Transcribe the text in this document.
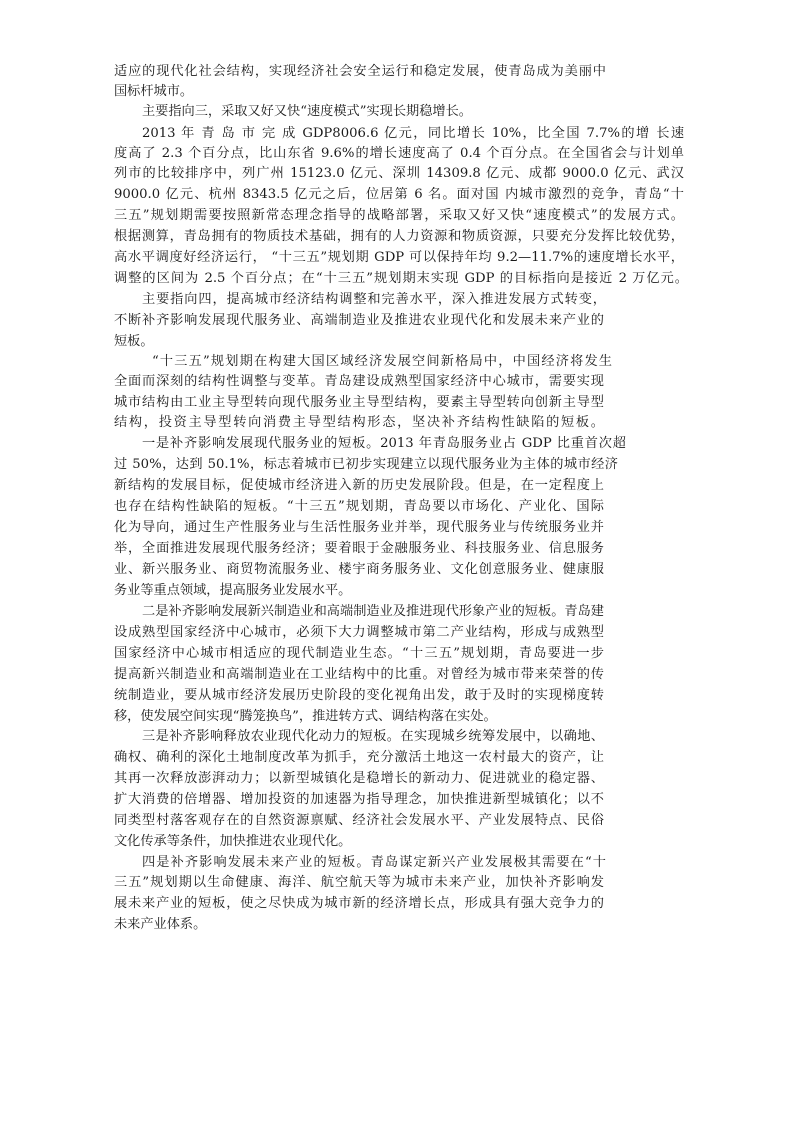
适应的现代化社会结构，实现经济社会安全运行和稳定发展，使青岛成为美丽中
国标杆城市。
主要指向三，采取又好又快“速度模式”实现长期稳增长。
2013 年 青 岛 市 完 成 GDP8006.6 亿元，同比增长 10%，比全国 7.7%的增 长速
度高了 2.3 个百分点，比山东省 9.6%的增长速度高了 0.4 个百分点。在全国省会与计划单
列市的比较排序中，列广州 15123.0 亿元、深圳 14309.8 亿元、成都 9000.0 亿元、武汉
9000.0 亿元、杭州 8343.5 亿元之后，位居第 6 名。面对国 内城市激烈的竞争，青岛“十
三五”规划期需要按照新常态理念指导的战略部署，采取又好又快“速度模式”的发展方式。
根据测算，青岛拥有的物质技术基础，拥有的人力资源和物质资源，只要充分发挥比较优势，
高水平调度好经济运行， “十三五”规划期 GDP 可以保持年均 9.2—11.7%的速度增长水平，
调整的区间为 2.5 个百分点；在“十三五”规划期末实现 GDP 的目标指向是接近 2 万亿元。
主要指向四，提高城市经济结构调整和完善水平，深入推进发展方式转变，
不断补齐影响发展现代服务业、高端制造业及推进农业现代化和发展未来产业的
短板。
“十三五”规划期在构建大国区域经济发展空间新格局中，中国经济将发生
全面而深刻的结构性调整与变革。青岛建设成熟型国家经济中心城市，需要实现
城市结构由工业主导型转向现代服务业主导型结构，要素主导型转向创新主导型
结构，投资主导型转向消费主导型结构形态，坚决补齐结构性缺陷的短板。
一是补齐影响发展现代服务业的短板。2013 年青岛服务业占 GDP 比重首次超
过 50%，达到 50.1%，标志着城市已初步实现建立以现代服务业为主体的城市经济
新结构的发展目标，促使城市经济进入新的历史发展阶段。但是，在一定程度上
也存在结构性缺陷的短板。“十三五”规划期，青岛要以市场化、产业化、国际
化为导向，通过生产性服务业与生活性服务业并举，现代服务业与传统服务业并
举，全面推进发展现代服务经济；要着眼于金融服务业、科技服务业、信息服务
业、新兴服务业、商贸物流服务业、楼宇商务服务业、文化创意服务业、健康服
务业等重点领域，提高服务业发展水平。
二是补齐影响发展新兴制造业和高端制造业及推进现代形象产业的短板。青岛建
设成熟型国家经济中心城市，必须下大力调整城市第二产业结构，形成与成熟型
国家经济中心城市相适应的现代制造业生态。“十三五”规划期，青岛要进一步
提高新兴制造业和高端制造业在工业结构中的比重。对曾经为城市带来荣誉的传
统制造业，要从城市经济发展历史阶段的变化视角出发，敢于及时的实现梯度转
移，使发展空间实现“腾笼换鸟”，推进转方式、调结构落在实处。
三是补齐影响释放农业现代化动力的短板。在实现城乡统筹发展中，以确地、
确权、确利的深化土地制度改革为抓手，充分激活土地这一农村最大的资产，让
其再一次释放澎湃动力；以新型城镇化是稳增长的新动力、促进就业的稳定器、
扩大消费的倍增器、增加投资的加速器为指导理念，加快推进新型城镇化；以不
同类型村落客观存在的自然资源禀赋、经济社会发展水平、产业发展特点、民俗
文化传承等条件，加快推进农业现代化。
四是补齐影响发展未来产业的短板。青岛谋定新兴产业发展极其需要在“十
三五”规划期以生命健康、海洋、航空航天等为城市未来产业，加快补齐影响发
展未来产业的短板，使之尽快成为城市新的经济增长点，形成具有强大竞争力的
未来产业体系。
